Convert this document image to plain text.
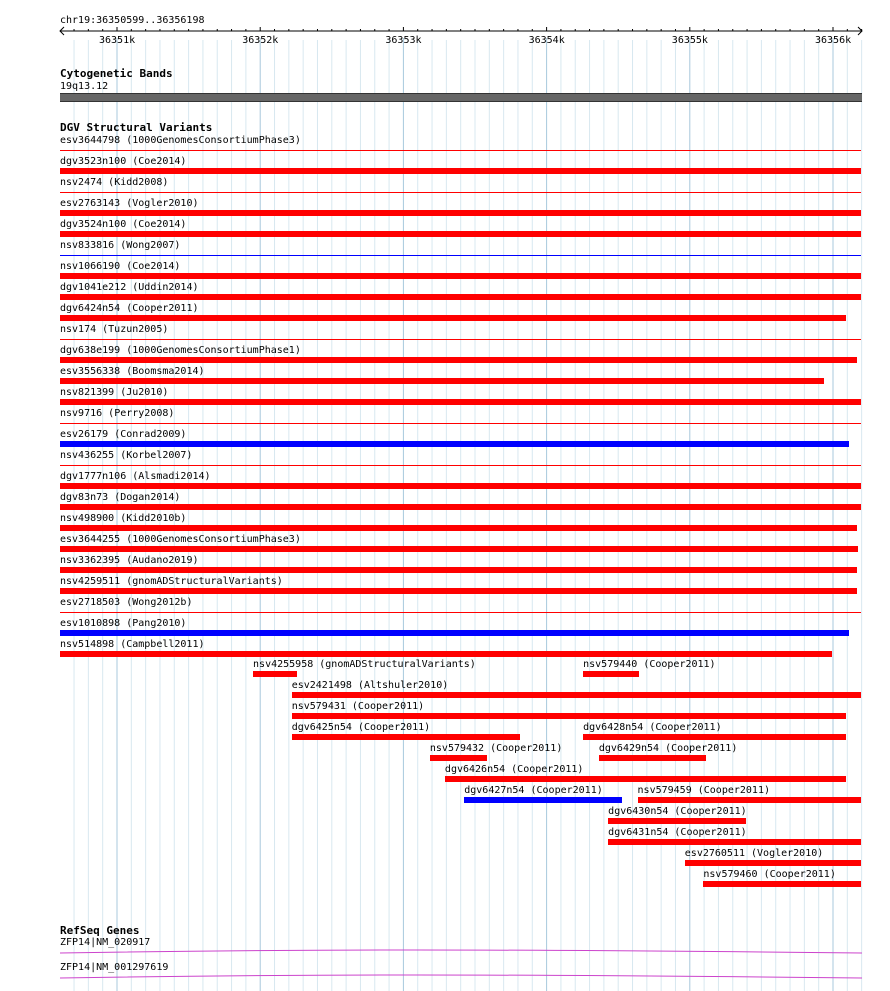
chr19:36350599..36356198
36351k	36352k	36353k	36354k	36355k	36356k
Cytogenetic Bands
19q13.12
DGV Structural Variants
esv3644798 (1000GenomesConsortiumPhase3)
dgv3523n100 (Coe2014)
nsv2474 (Kidd2008)
esv2763143 (Vogler2010)
dgv3524n100 (Coe2014)
nsv833816 (Wong2007)
nsv1066190 (Coe2014)
dgv1041e212 (Uddin2014)
dgv6424n54 (Cooper2011)
nsv174 (Tuzun2005)
dgv638e199 (1000GenomesConsortiumPhase1)
esv3556338 (Boomsma2014)
nsv821399 (Ju2010)
nsv9716 (Perry2008)
esv26179 (Conrad2009)
nsv436255 (Korbel2007)
dgv1777n106 (Alsmadi2014)
dgv83n73 (Dogan2014)
nsv498900 (Kidd2010b)
esv3644255 (1000GenomesConsortiumPhase3)
nsv3362395 (Audano2019)
nsv4259511 (gnomADStructuralVariants)
esv2718503 (Wong2012b)
esv1010898 (Pang2010)
nsv514898 (Campbell2011)
nsv4255958 (gnomADStructuralVariants)	nsv579440 (Cooper2011)
esv2421498 (Altshuler2010)
nsv579431 (Cooper2011)
dgv6425n54 (Cooper2011)	dgv6428n54 (Cooper2011)
nsv579432 (Cooper2011)	dgv6429n54 (Cooper2011)
dgv6426n54 (Cooper2011)
dgv6427n54 (Cooper2011)	nsv579459 (Cooper2011)
dgv6430n54 (Cooper2011)
dgv6431n54 (Cooper2011)
esv2760511 (Vogler2010)
nsv579460 (Cooper2011)
RefSeq Genes
ZFP14|NM_020917
ZFP14|NM_001297619
